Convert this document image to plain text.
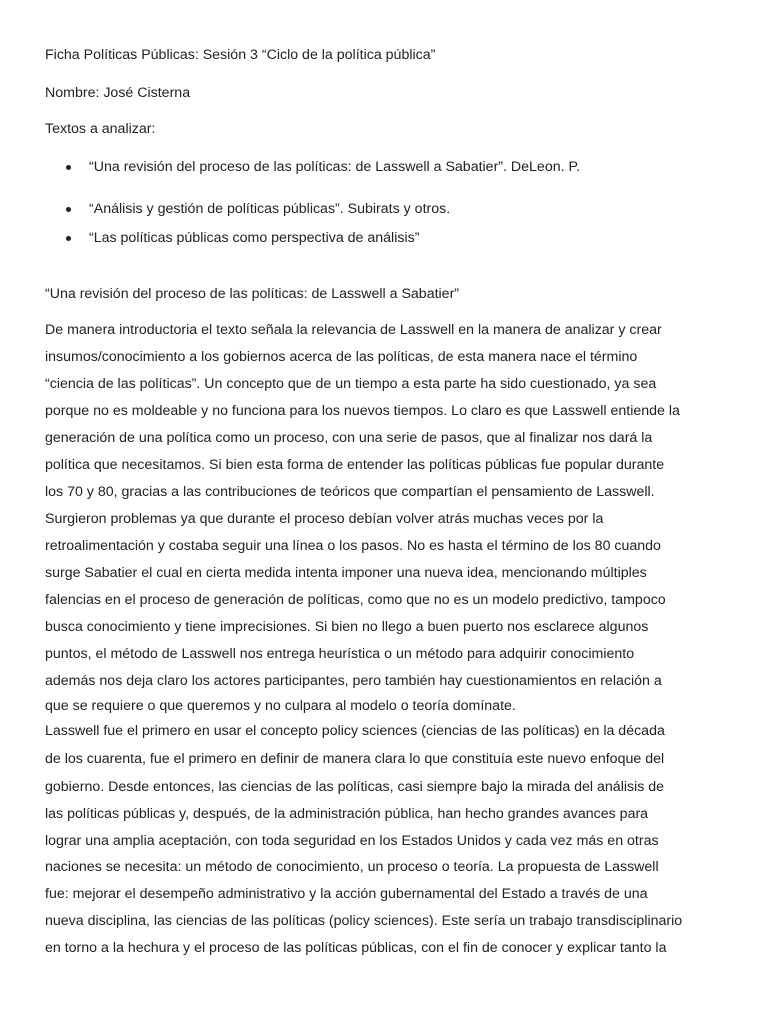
Ficha Políticas Públicas: Sesión 3 “Ciclo de la política pública”
Nombre: José Cisterna
Textos a analizar:
“Una revisión del proceso de las políticas: de Lasswell a Sabatier”. DeLeon. P.
“Análisis y gestión de políticas públicas”. Subirats y otros.
“Las políticas públicas como perspectiva de análisis”
“Una revisión del proceso de las políticas: de Lasswell a Sabatier”
De manera introductoria el texto señala la relevancia de Lasswell en la manera de analizar y crear
insumos/conocimiento a los gobiernos acerca de las políticas, de esta manera nace el término
“ciencia de las políticas”. Un concepto que de un tiempo a esta parte ha sido cuestionado, ya sea
porque no es moldeable y no funciona para los nuevos tiempos. Lo claro es que Lasswell entiende la
generación de una política como un proceso, con una serie de pasos, que al finalizar nos dará la
política que necesitamos. Si bien esta forma de entender las políticas públicas fue popular durante
los 70 y 80, gracias a las contribuciones de teóricos que compartían el pensamiento de Lasswell.
Surgieron problemas ya que durante el proceso debían volver atrás muchas veces por la
retroalimentación y costaba seguir una línea o los pasos. No es hasta el término de los 80 cuando
surge Sabatier el cual en cierta medida intenta imponer una nueva idea, mencionando múltiples
falencias en el proceso de generación de políticas, como que no es un modelo predictivo, tampoco
busca conocimiento y tiene imprecisiones. Si bien no llego a buen puerto nos esclarece algunos
puntos, el método de Lasswell nos entrega heurística o un método para adquirir conocimiento
además nos deja claro los actores participantes, pero también hay cuestionamientos en relación a
que se requiere o que queremos y no culpara al modelo o teoría domínate.
Lasswell fue el primero en usar el concepto policy sciences (ciencias de las políticas) en la década
de los cuarenta, fue el primero en definir de manera clara lo que constituía este nuevo enfoque del
gobierno. Desde entonces, las ciencias de las políticas, casi siempre bajo la mirada del análisis de
las políticas públicas y, después, de la administración pública, han hecho grandes avances para
lograr una amplia aceptación, con toda seguridad en los Estados Unidos y cada vez más en otras
naciones se necesita: un método de conocimiento, un proceso o teoría. La propuesta de Lasswell
fue: mejorar el desempeño administrativo y la acción gubernamental del Estado a través de una
nueva disciplina, las ciencias de las políticas (policy sciences). Este sería un trabajo transdisciplinario
en torno a la hechura y el proceso de las políticas públicas, con el fin de conocer y explicar tanto la
